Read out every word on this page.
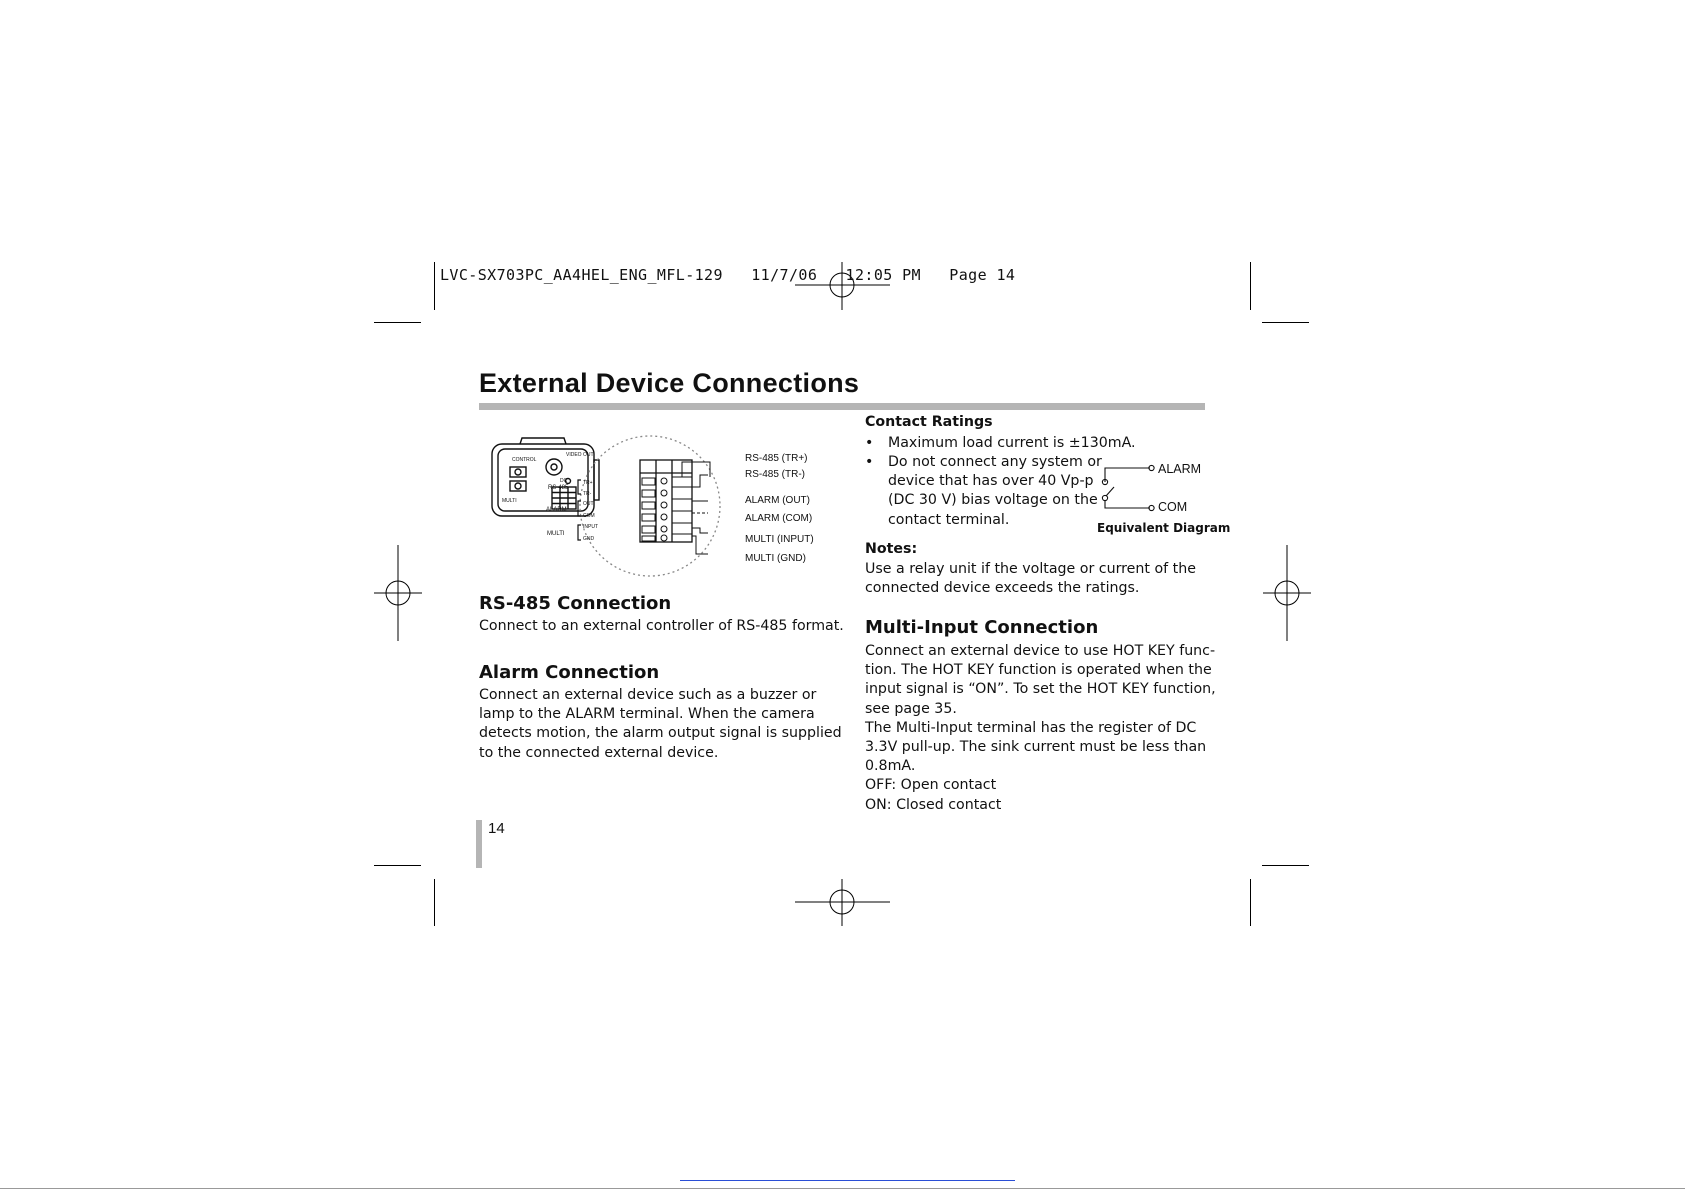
LVC-SX703PC_AA4HEL_ENG_MFL-129 11/7/06 12:05 PM Page 14
External Device Connections
CONTROL
VIDEO OUT
MULTI
DC
RS-485
ALARM
MULTI
TR+
TR-
OUT
COM
INPUT
GND
RS-485 (TR+)
RS-485 (TR-)
ALARM (OUT)
ALARM (COM)
MULTI (INPUT)
MULTI (GND)
RS-485 Connection
Connect to an external controller of RS-485 format.
Alarm Connection
Connect an external device such as a buzzer or
lamp to the ALARM terminal. When the camera
detects motion, the alarm output signal is supplied
to the connected external device.
Contact Ratings
• Maximum load current is ±130mA.
• Do not connect any system or
device that has over 40 Vp-p
(DC 30 V) bias voltage on the
contact terminal.
ALARM
COM
Equivalent Diagram
Notes:
Use a relay unit if the voltage or current of the
connected device exceeds the ratings.
Multi-Input Connection
Connect an external device to use HOT KEY func-
tion. The HOT KEY function is operated when the
input signal is “ON”. To set the HOT KEY function,
see page 35.
The Multi-Input terminal has the register of DC
3.3V pull-up. The sink current must be less than
0.8mA.
OFF: Open contact
ON: Closed contact
14
